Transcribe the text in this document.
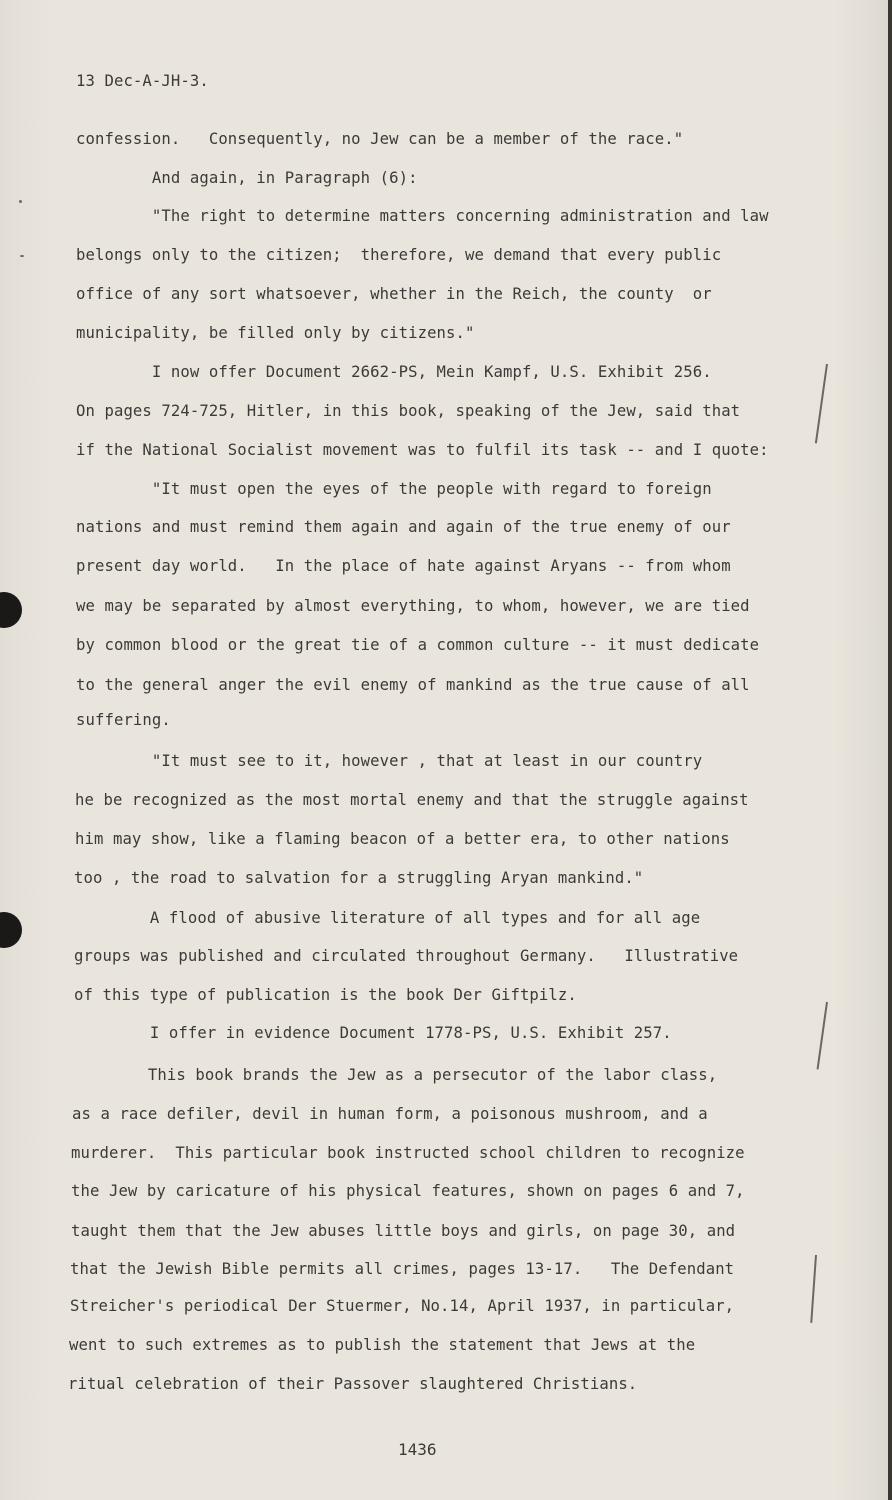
13 Dec-A-JH-3.
confession.   Consequently, no Jew can be a member of the race."
And again, in Paragraph (6):
"The right to determine matters concerning administration and law
belongs only to the citizen;  therefore, we demand that every public
office of any sort whatsoever, whether in the Reich, the county  or
municipality, be filled only by citizens."
I now offer Document 2662-PS, Mein Kampf, U.S. Exhibit 256.
On pages 724-725, Hitler, in this book, speaking of the Jew, said that
if the National Socialist movement was to fulfil its task -- and I quote:
"It must open the eyes of the people with regard to foreign
nations and must remind them again and again of the true enemy of our
present day world.   In the place of hate against Aryans -- from whom
we may be separated by almost everything, to whom, however, we are tied
by common blood or the great tie of a common culture -- it must dedicate
to the general anger the evil enemy of mankind as the true cause of all
suffering.
"It must see to it, however , that at least in our country
he be recognized as the most mortal enemy and that the struggle against
him may show, like a flaming beacon of a better era, to other nations
too , the road to salvation for a struggling Aryan mankind."
A flood of abusive literature of all types and for all age
groups was published and circulated throughout Germany.   Illustrative
of this type of publication is the book Der Giftpilz.
I offer in evidence Document 1778-PS, U.S. Exhibit 257.
This book brands the Jew as a persecutor of the labor class,
as a race defiler, devil in human form, a poisonous mushroom, and a
murderer.  This particular book instructed school children to recognize
the Jew by caricature of his physical features, shown on pages 6 and 7,
taught them that the Jew abuses little boys and girls, on page 30, and
that the Jewish Bible permits all crimes, pages 13-17.   The Defendant
Streicher's periodical Der Stuermer, No.14, April 1937, in particular,
went to such extremes as to publish the statement that Jews at the
ritual celebration of their Passover slaughtered Christians.
1436
